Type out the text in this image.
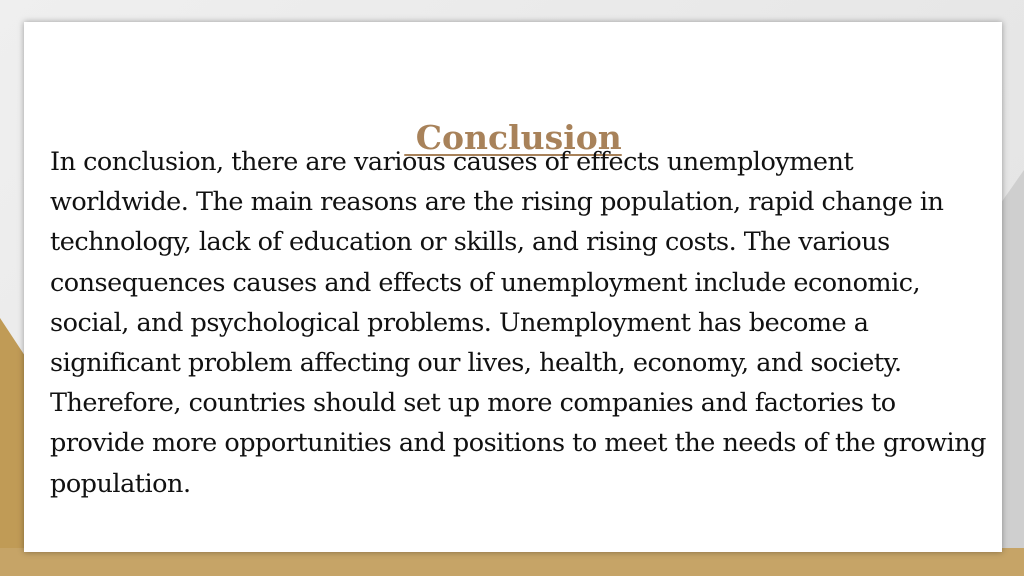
Conclusion

In conclusion, there are various causes of effects unemployment worldwide. The main reasons are the rising population, rapid change in technology, lack of education or skills, and rising costs. The various consequences causes and effects of unemployment include economic, social, and psychological problems. Unemployment has become a significant problem affecting our lives, health, economy, and society. Therefore, countries should set up more companies and factories to provide more opportunities and positions to meet the needs of the growing population.
